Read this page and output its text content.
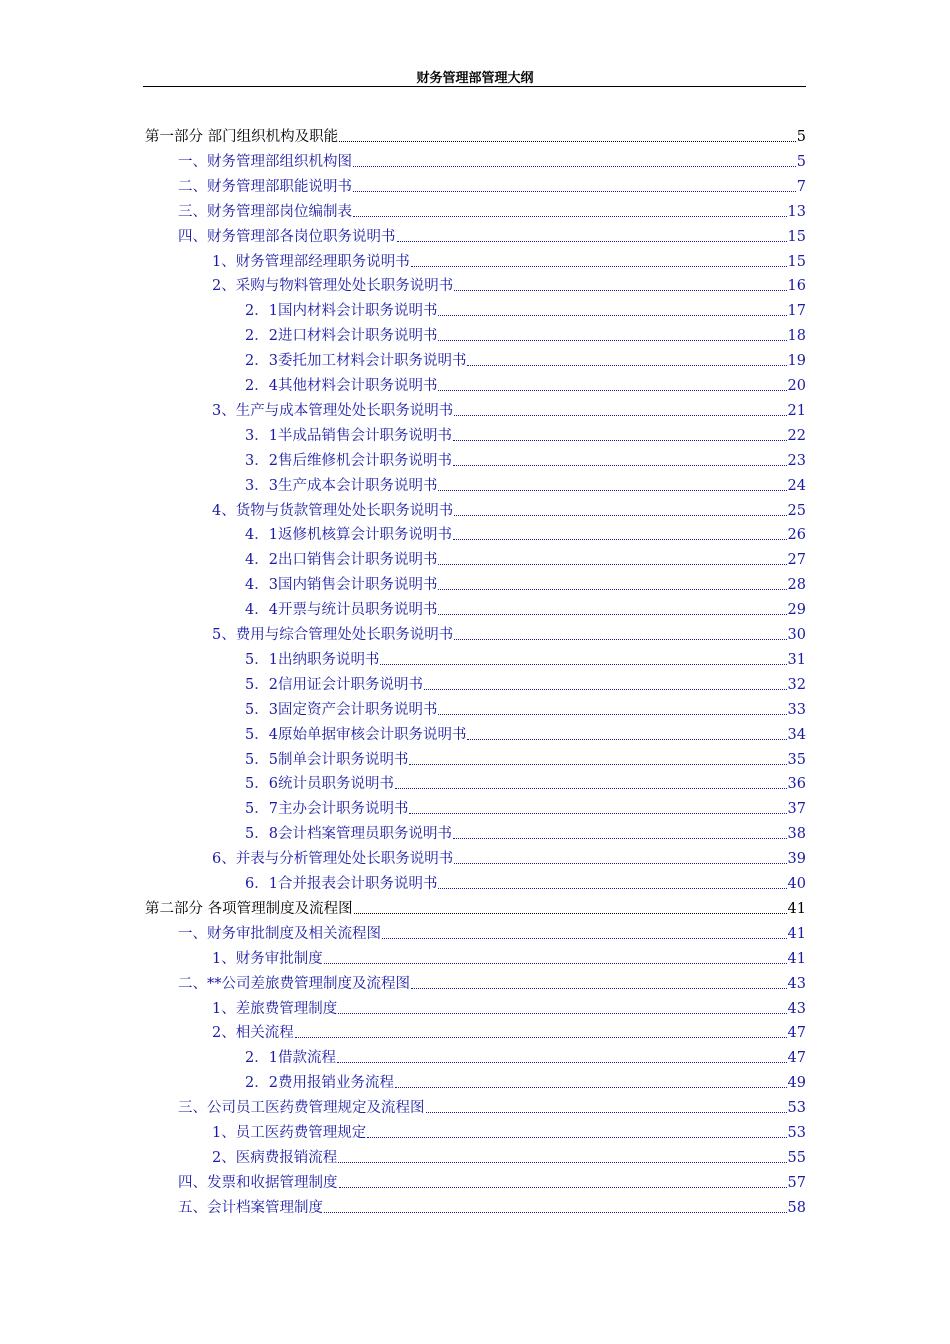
财务管理部管理大纲
第一部分 部门组织机构及职能	5
一、财务管理部组织机构图	5
二、财务管理部职能说明书	7
三、财务管理部岗位编制表	13
四、财务管理部各岗位职务说明书	15
1、财务管理部经理职务说明书	15
2、采购与物料管理处处长职务说明书	16
2．1国内材料会计职务说明书	17
2．2进口材料会计职务说明书	18
2．3委托加工材料会计职务说明书	19
2．4其他材料会计职务说明书	20
3、生产与成本管理处处长职务说明书	21
3．1半成品销售会计职务说明书	22
3．2售后维修机会计职务说明书	23
3．3生产成本会计职务说明书	24
4、货物与货款管理处处长职务说明书	25
4．1返修机核算会计职务说明书	26
4．2出口销售会计职务说明书	27
4．3国内销售会计职务说明书	28
4．4开票与统计员职务说明书	29
5、费用与综合管理处处长职务说明书	30
5．1出纳职务说明书	31
5．2信用证会计职务说明书	32
5．3固定资产会计职务说明书	33
5．4原始单据审核会计职务说明书	34
5．5制单会计职务说明书	35
5．6统计员职务说明书	36
5．7主办会计职务说明书	37
5．8会计档案管理员职务说明书	38
6、并表与分析管理处处长职务说明书	39
6．1合并报表会计职务说明书	40
第二部分 各项管理制度及流程图	41
一、财务审批制度及相关流程图	41
1、财务审批制度	41
二、**公司差旅费管理制度及流程图	43
1、差旅费管理制度	43
2、相关流程	47
2．1借款流程	47
2．2费用报销业务流程	49
三、公司员工医药费管理规定及流程图	53
1、员工医药费管理规定	53
2、医病费报销流程	55
四、发票和收据管理制度	57
五、会计档案管理制度	58
